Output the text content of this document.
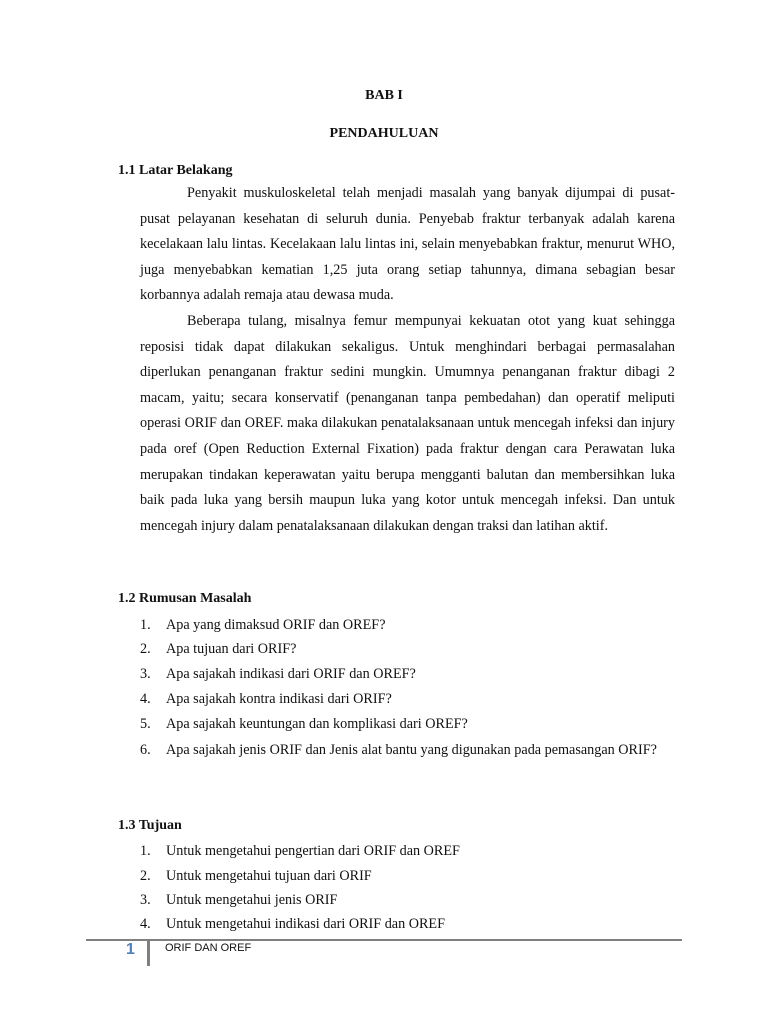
BAB I
PENDAHULUAN
1.1 Latar Belakang

Penyakit muskuloskeletal telah menjadi masalah yang banyak dijumpai di pusat-pusat pelayanan kesehatan di seluruh dunia. Penyebab fraktur terbanyak adalah karena kecelakaan lalu lintas. Kecelakaan lalu lintas ini, selain menyebabkan fraktur, menurut WHO, juga menyebabkan kematian 1,25 juta orang setiap tahunnya, dimana sebagian besar korbannya adalah remaja atau dewasa muda.

Beberapa tulang, misalnya femur mempunyai kekuatan otot yang kuat sehingga reposisi tidak dapat dilakukan sekaligus. Untuk menghindari berbagai permasalahan diperlukan penanganan fraktur sedini mungkin. Umumnya penanganan fraktur dibagi 2 macam, yaitu; secara konservatif (penanganan tanpa pembedahan) dan operatif meliputi operasi ORIF dan OREF. maka dilakukan penatalaksanaan untuk mencegah infeksi dan injury pada oref (Open Reduction External Fixation) pada fraktur dengan cara Perawatan luka merupakan tindakan keperawatan yaitu berupa mengganti balutan dan membersihkan luka baik pada luka yang bersih maupun luka yang kotor untuk mencegah infeksi. Dan untuk mencegah injury dalam penatalaksanaan dilakukan dengan traksi dan latihan aktif.

1.2 Rumusan Masalah
1.	Apa yang dimaksud ORIF dan OREF?
2.	Apa tujuan dari ORIF?
3.	Apa sajakah indikasi dari ORIF dan OREF?
4.	Apa sajakah kontra indikasi dari ORIF?
5.	Apa sajakah keuntungan dan komplikasi dari OREF?
6.	Apa sajakah jenis ORIF dan Jenis alat bantu yang digunakan pada pemasangan ORIF?
1.3 Tujuan
1.	Untuk mengetahui pengertian dari ORIF dan OREF
2.	Untuk mengetahui tujuan dari ORIF
3.	Untuk mengetahui jenis ORIF
4.	Untuk mengetahui indikasi dari ORIF dan OREF
1	ORIF DAN OREF
